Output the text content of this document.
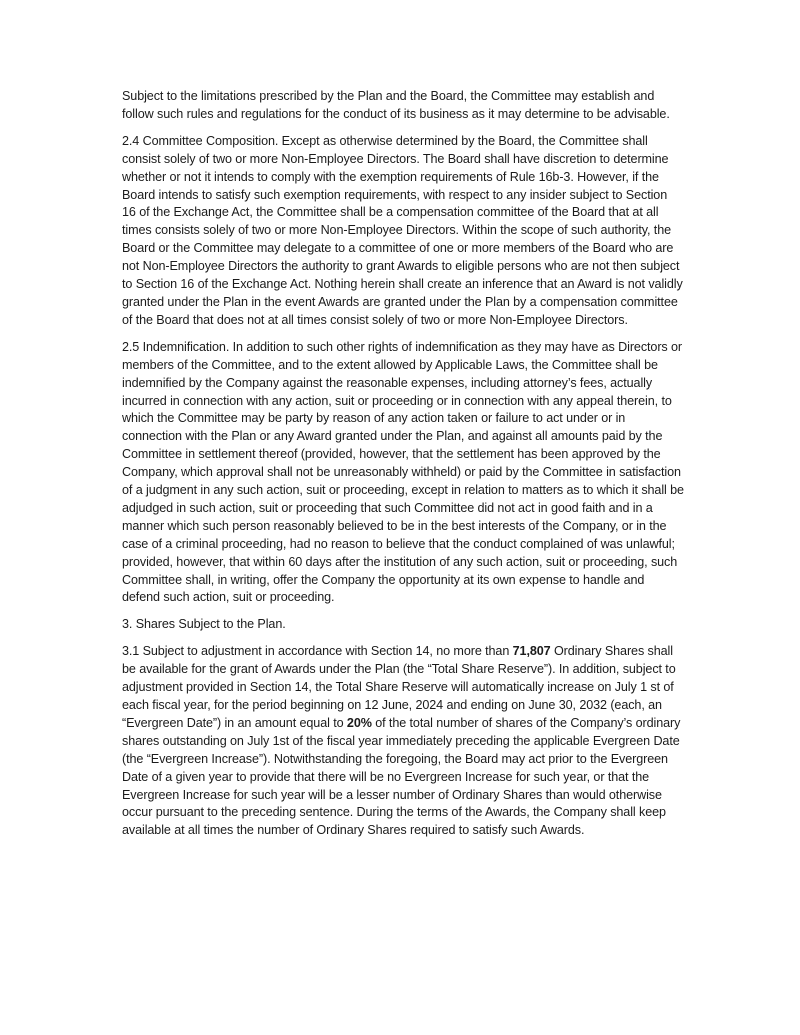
Subject to the limitations prescribed by the Plan and the Board, the Committee may establish and follow such rules and regulations for the conduct of its business as it may determine to be advisable.

2.4 Committee Composition. Except as otherwise determined by the Board, the Committee shall consist solely of two or more Non-Employee Directors. The Board shall have discretion to determine whether or not it intends to comply with the exemption requirements of Rule 16b-3. However, if the Board intends to satisfy such exemption requirements, with respect to any insider subject to Section 16 of the Exchange Act, the Committee shall be a compensation committee of the Board that at all times consists solely of two or more Non-Employee Directors. Within the scope of such authority, the Board or the Committee may delegate to a committee of one or more members of the Board who are not Non-Employee Directors the authority to grant Awards to eligible persons who are not then subject to Section 16 of the Exchange Act. Nothing herein shall create an inference that an Award is not validly granted under the Plan in the event Awards are granted under the Plan by a compensation committee of the Board that does not at all times consist solely of two or more Non-Employee Directors.

2.5 Indemnification. In addition to such other rights of indemnification as they may have as Directors or members of the Committee, and to the extent allowed by Applicable Laws, the Committee shall be indemnified by the Company against the reasonable expenses, including attorney’s fees, actually incurred in connection with any action, suit or proceeding or in connection with any appeal therein, to which the Committee may be party by reason of any action taken or failure to act under or in connection with the Plan or any Award granted under the Plan, and against all amounts paid by the Committee in settlement thereof (provided, however, that the settlement has been approved by the Company, which approval shall not be unreasonably withheld) or paid by the Committee in satisfaction of a judgment in any such action, suit or proceeding, except in relation to matters as to which it shall be adjudged in such action, suit or proceeding that such Committee did not act in good faith and in a manner which such person reasonably believed to be in the best interests of the Company, or in the case of a criminal proceeding, had no reason to believe that the conduct complained of was unlawful; provided, however, that within 60 days after the institution of any such action, suit or proceeding, such Committee shall, in writing, offer the Company the opportunity at its own expense to handle and defend such action, suit or proceeding.

3. Shares Subject to the Plan.

3.1 Subject to adjustment in accordance with Section 14, no more than 71,807 Ordinary Shares shall be available for the grant of Awards under the Plan (the “Total Share Reserve”). In addition, subject to adjustment provided in Section 14, the Total Share Reserve will automatically increase on July 1 st of each fiscal year, for the period beginning on 12 June, 2024 and ending on June 30, 2032 (each, an “Evergreen Date”) in an amount equal to 20% of the total number of shares of the Company’s ordinary shares outstanding on July 1st of the fiscal year immediately preceding the applicable Evergreen Date (the “Evergreen Increase”). Notwithstanding the foregoing, the Board may act prior to the Evergreen Date of a given year to provide that there will be no Evergreen Increase for such year, or that the Evergreen Increase for such year will be a lesser number of Ordinary Shares than would otherwise occur pursuant to the preceding sentence. During the terms of the Awards, the Company shall keep available at all times the number of Ordinary Shares required to satisfy such Awards.
